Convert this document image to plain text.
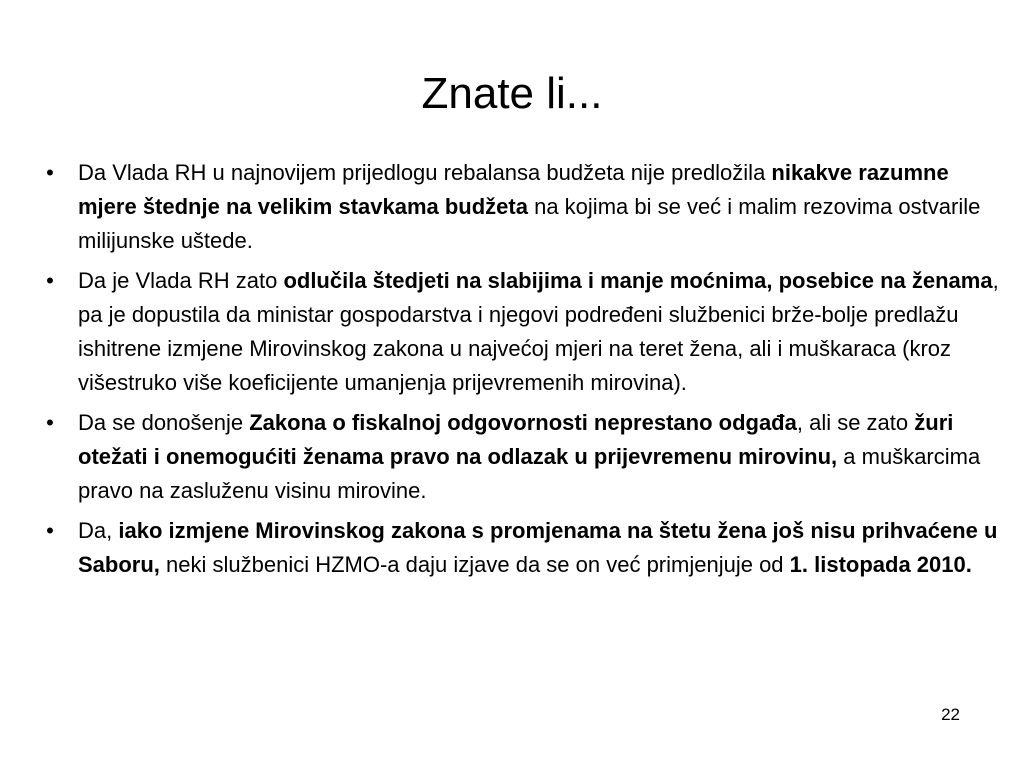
Znate li...
• Da Vlada RH u najnovijem prijedlogu rebalansa budžeta nije predložila nikakve razumne mjere štednje na velikim stavkama budžeta na kojima bi se već i malim rezovima ostvarile milijunske uštede.
• Da je Vlada RH zato odlučila štedjeti na slabijima i manje moćnima, posebice na ženama, pa je dopustila da ministar gospodarstva i njegovi podređeni službenici brže-bolje predlažu ishitrene izmjene Mirovinskog zakona u najvećoj mjeri na teret žena, ali i muškaraca (kroz višestruko više koeficijente umanjenja prijevremenih mirovina).
• Da se donošenje Zakona o fiskalnoj odgovornosti neprestano odgađa, ali se zato žuri otežati i onemogućiti ženama pravo na odlazak u prijevremenu mirovinu, a muškarcima pravo na zasluženu visinu mirovine.
• Da, iako izmjene Mirovinskog zakona s promjenama na štetu žena još nisu prihvaćene u Saboru, neki službenici HZMO-a daju izjave da se on već primjenjuje od 1. listopada 2010.
22
